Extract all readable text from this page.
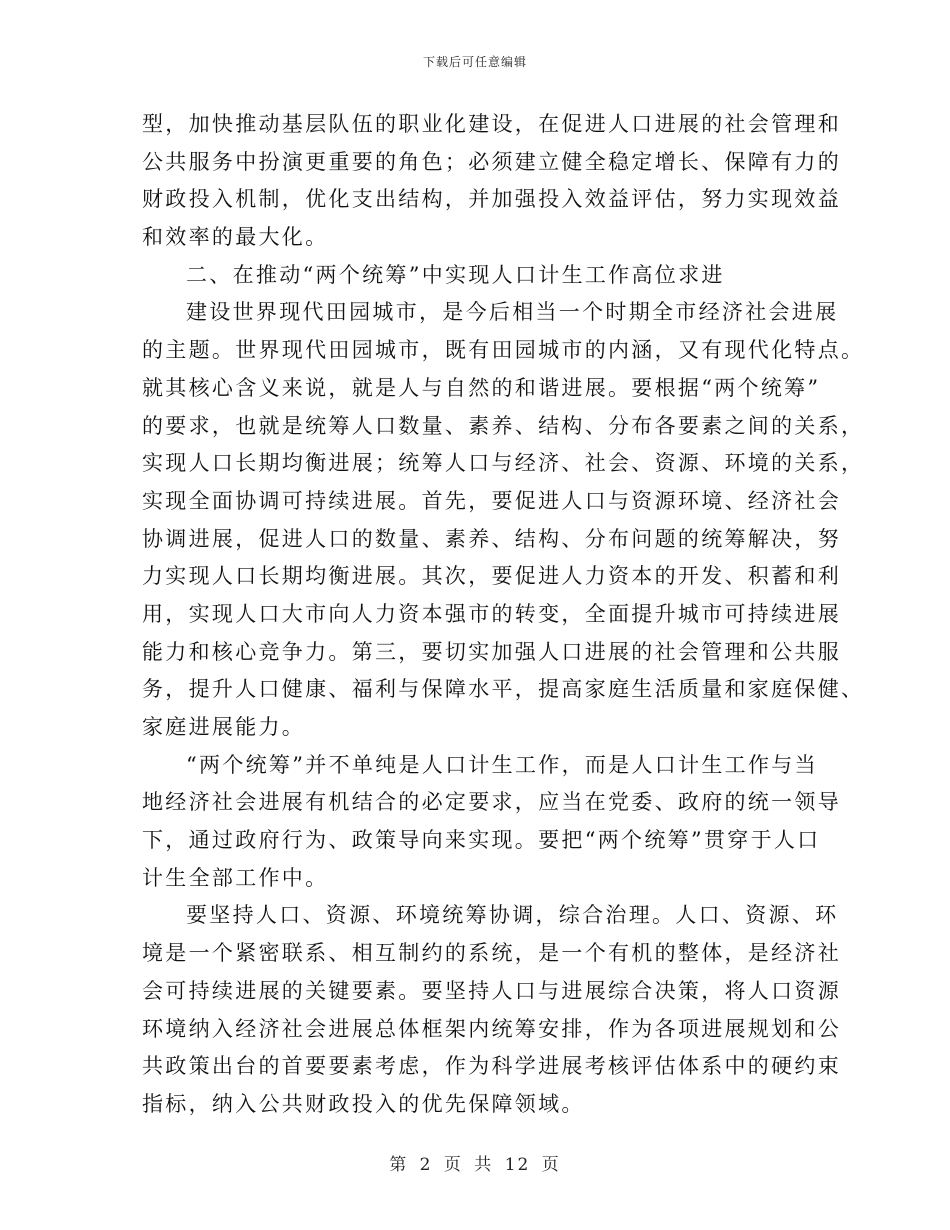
下载后可任意编辑
型，加快推动基层队伍的职业化建设，在促进人口进展的社会管理和
公共服务中扮演更重要的角色；必须建立健全稳定增长、保障有力的
财政投入机制，优化支出结构，并加强投入效益评估，努力实现效益
和效率的最大化。
二、在推动“两个统筹”中实现人口计生工作高位求进
建设世界现代田园城市，是今后相当一个时期全市经济社会进展
的主题。世界现代田园城市，既有田园城市的内涵，又有现代化特点。
就其核心含义来说，就是人与自然的和谐进展。要根据“两个统筹”
的要求，也就是统筹人口数量、素养、结构、分布各要素之间的关系，
实现人口长期均衡进展；统筹人口与经济、社会、资源、环境的关系，
实现全面协调可持续进展。首先，要促进人口与资源环境、经济社会
协调进展，促进人口的数量、素养、结构、分布问题的统筹解决，努
力实现人口长期均衡进展。其次，要促进人力资本的开发、积蓄和利
用，实现人口大市向人力资本强市的转变，全面提升城市可持续进展
能力和核心竞争力。第三，要切实加强人口进展的社会管理和公共服
务，提升人口健康、福利与保障水平，提高家庭生活质量和家庭保健、
家庭进展能力。
“两个统筹”并不单纯是人口计生工作，而是人口计生工作与当
地经济社会进展有机结合的必定要求，应当在党委、政府的统一领导
下，通过政府行为、政策导向来实现。要把“两个统筹”贯穿于人口
计生全部工作中。
要坚持人口、资源、环境统筹协调，综合治理。人口、资源、环
境是一个紧密联系、相互制约的系统，是一个有机的整体，是经济社
会可持续进展的关键要素。要坚持人口与进展综合决策，将人口资源
环境纳入经济社会进展总体框架内统筹安排，作为各项进展规划和公
共政策出台的首要要素考虑，作为科学进展考核评估体系中的硬约束
指标，纳入公共财政投入的优先保障领域。
第 2 页 共 12 页
